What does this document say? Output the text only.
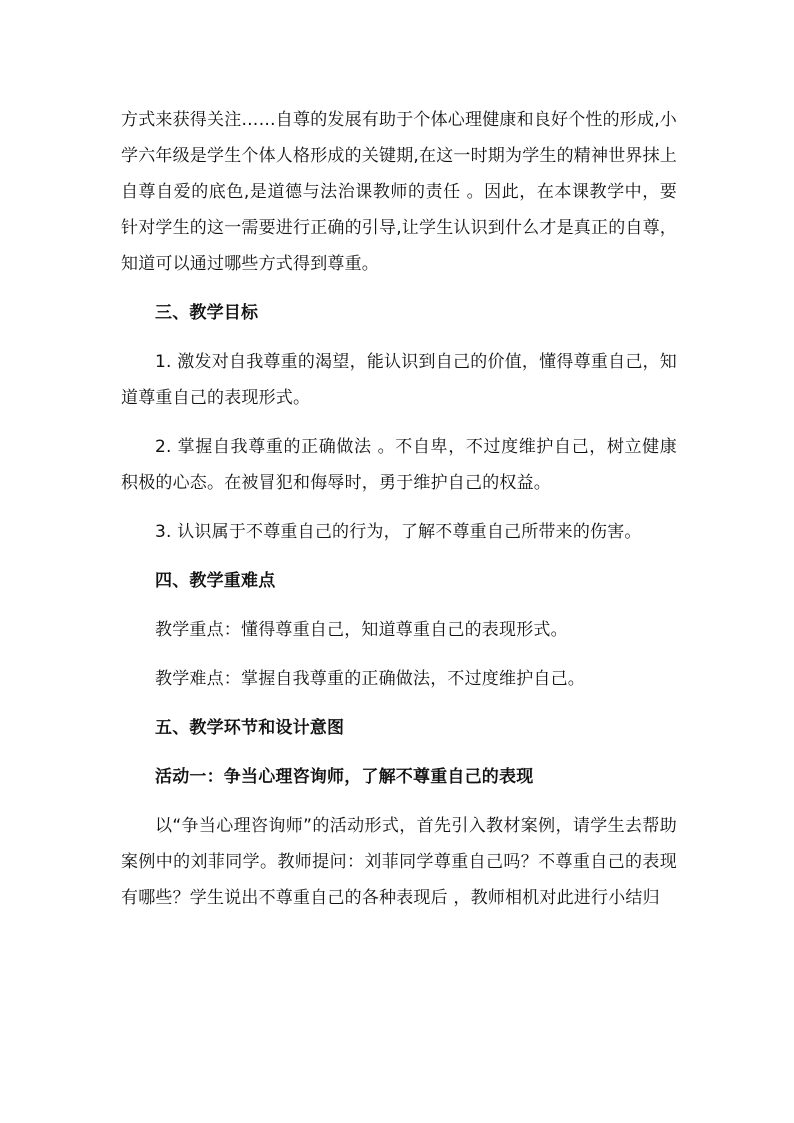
方式来获得关注……自尊的发展有助于个体心理健康和良好个性的形成,小学六年级是学生个体人格形成的关键期,在这一时期为学生的精神世界抹上自尊自爱的底色,是道德与法治课教师的责任 。因此，在本课教学中，要针对学生的这一需要进行正确的引导,让学生认识到什么才是真正的自尊，知道可以通过哪些方式得到尊重。

三、教学目标

1. 激发对自我尊重的渴望，能认识到自己的价值，懂得尊重自己，知道尊重自己的表现形式。

2. 掌握自我尊重的正确做法 。不自卑，不过度维护自己，树立健康积极的心态。在被冒犯和侮辱时，勇于维护自己的权益。

3. 认识属于不尊重自己的行为，了解不尊重自己所带来的伤害。

四、教学重难点

教学重点：懂得尊重自己，知道尊重自己的表现形式。

教学难点：掌握自我尊重的正确做法，不过度维护自己。

五、教学环节和设计意图

活动一：争当心理咨询师，了解不尊重自己的表现

以“争当心理咨询师”的活动形式，首先引入教材案例，请学生去帮助案例中的刘菲同学。教师提问：刘菲同学尊重自己吗？不尊重自己的表现有哪些？学生说出不尊重自己的各种表现后 ，教师相机对此进行小结归
